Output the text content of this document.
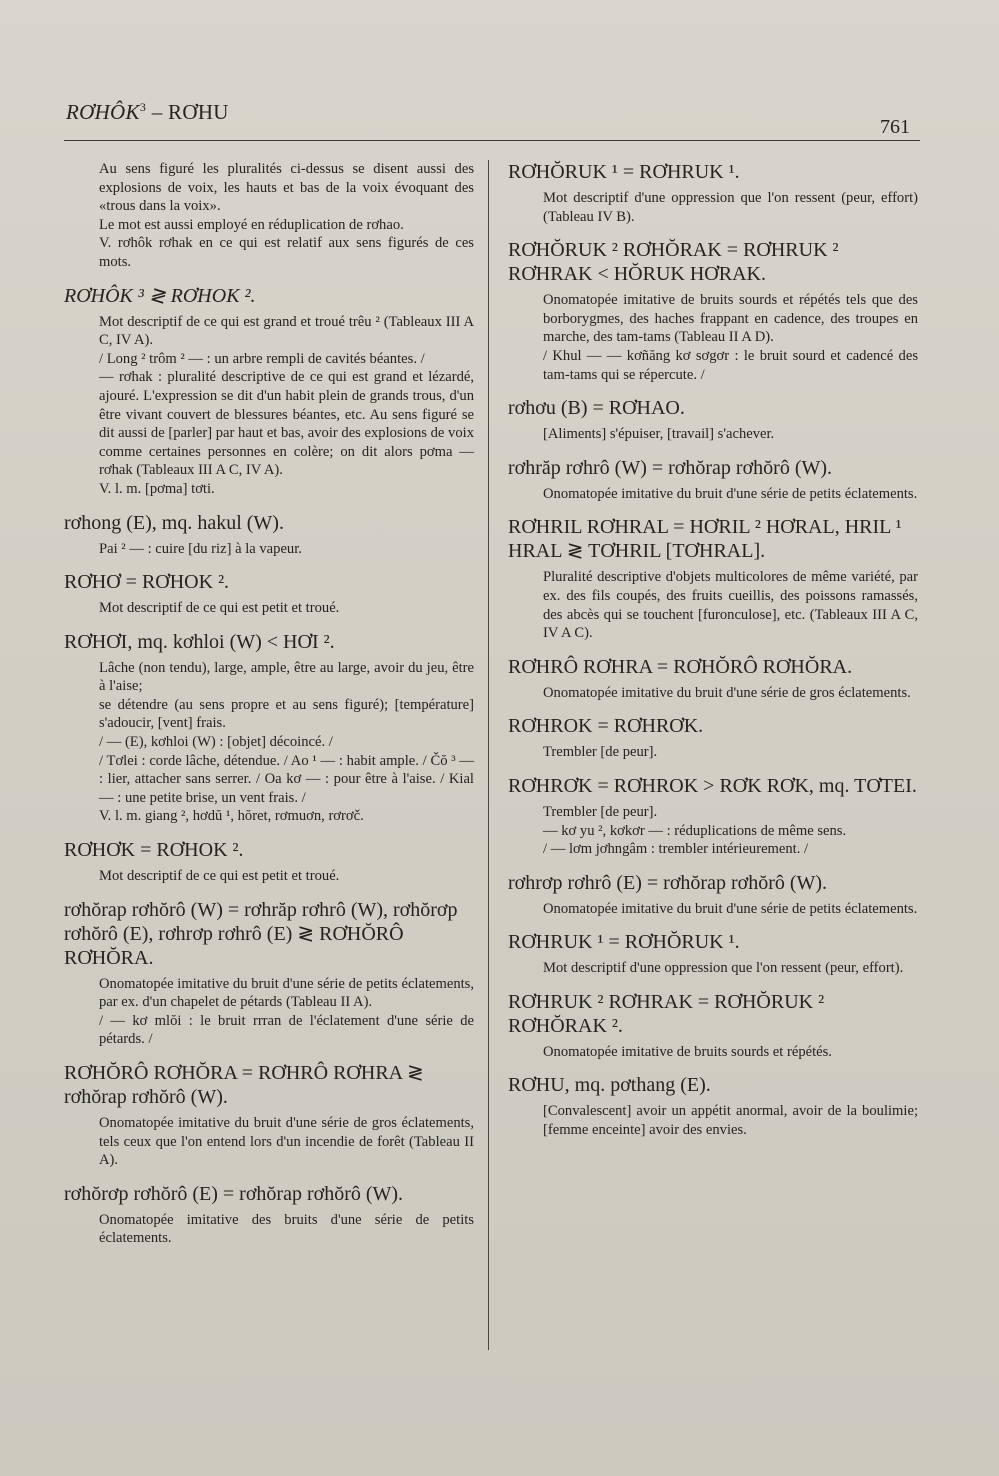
RƠHÔK$^3$ – RƠHU
761

Au sens figuré les pluralités ci-dessus se disent aussi des explosions de voix, les hauts et bas de la voix évoquant des «trous dans la voix».

Le mot est aussi employé en réduplication de rơhao.

V. rơhôk rơhak en ce qui est relatif aux sens figurés de ces mots.

RƠHÔK ³ ≷ RƠHOK ².

Mot descriptif de ce qui est grand et troué trêu ² (Tableaux III A C, IV A).

/ Long ² trôm ² — : un arbre rempli de cavités béantes. /

— rơhak : pluralité descriptive de ce qui est grand et lézardé, ajouré. L'expression se dit d'un habit plein de grands trous, d'un être vivant couvert de blessures béantes, etc. Au sens figuré se dit aussi de [parler] par haut et bas, avoir des explosions de voix comme certaines personnes en colère; on dit alors pơma — rơhak (Tableaux III A C, IV A).

V. l. m. [pơma] tơti.

rơhong (E), mq. hakul (W).

Pai ² — : cuire [du riz] à la vapeur.

RƠHƠ = RƠHOK ².

Mot descriptif de ce qui est petit et troué.

RƠHƠI, mq. kơhloi (W) < HƠI ².

Lâche (non tendu), large, ample, être au large, avoir du jeu, être à l'aise;

se détendre (au sens propre et au sens figuré); [température] s'adoucir, [vent] frais.

/ — (E), kơhloi (W) : [objet] décoincé. /

/ Tơlei : corde lâche, détendue. / Ao ¹ — : habit ample. / Čŏ ³ — : lier, attacher sans serrer. / Oa kơ — : pour être à l'aise. / Kial — : une petite brise, un vent frais. /

V. l. m. giang ², hơdŭ ¹, hŏret, rơmuơn, rơrơč.

RƠHƠK = RƠHOK ².

Mot descriptif de ce qui est petit et troué.

rơhŏrap rơhŏrô (W) = rơhrăp rơhrô (W), rơhŏrơp rơhŏrô (E), rơhrơp rơhrô (E) ≷ RƠHŎRÔ RƠHŎRA.

Onomatopée imitative du bruit d'une série de petits éclatements, par ex. d'un chapelet de pétards (Tableau II A).

/ — kơ mlŏi : le bruit rrran de l'éclatement d'une série de pétards. /

RƠHŎRÔ RƠHŎRA = RƠHRÔ RƠHRA ≷ rơhŏrap rơhŏrô (W).

Onomatopée imitative du bruit d'une série de gros éclatements, tels ceux que l'on entend lors d'un incendie de forêt (Tableau II A).

rơhŏrơp rơhŏrô (E) = rơhŏrap rơhŏrô (W).

Onomatopée imitative des bruits d'une série de petits éclatements.

RƠHŎRUK ¹ = RƠHRUK ¹.

Mot descriptif d'une oppression que l'on ressent (peur, effort) (Tableau IV B).

RƠHŎRUK ² RƠHŎRAK = RƠHRUK ² RƠHRAK < HŎRUK HƠRAK.

Onomatopée imitative de bruits sourds et répétés tels que des borborygmes, des haches frappant en cadence, des troupes en marche, des tam-tams (Tableau II A D).

/ Khul — — kơñăng kơ sơgơr : le bruit sourd et cadencé des tam-tams qui se répercute. /

rơhơu (B) = RƠHAO.

[Aliments] s'épuiser, [travail] s'achever.

rơhrăp rơhrô (W) = rơhŏrap rơhŏrô (W).

Onomatopée imitative du bruit d'une série de petits éclatements.

RƠHRIL RƠHRAL = HƠRIL ² HƠRAL, HRIL ¹ HRAL ≷ TƠHRIL [TƠHRAL].

Pluralité descriptive d'objets multicolores de même variété, par ex. des fils coupés, des fruits cueillis, des poissons ramassés, des abcès qui se touchent [furonculose], etc. (Tableaux III A C, IV A C).

RƠHRÔ RƠHRA = RƠHŎRÔ RƠHŎRA.

Onomatopée imitative du bruit d'une série de gros éclatements.

RƠHROK = RƠHRƠK.

Trembler [de peur].

RƠHRƠK = RƠHROK > RƠK RƠK, mq. TƠTEI.

Trembler [de peur].

— kơ yu ², kơkơr — : réduplications de même sens.

/ — lơm jơhngâm : trembler intérieurement. /

rơhrơp rơhrô (E) = rơhŏrap rơhŏrô (W).

Onomatopée imitative du bruit d'une série de petits éclatements.

RƠHRUK ¹ = RƠHŎRUK ¹.

Mot descriptif d'une oppression que l'on ressent (peur, effort).

RƠHRUK ² RƠHRAK = RƠHŎRUK ² RƠHŎRAK ².

Onomatopée imitative de bruits sourds et répétés.

RƠHU, mq. pơthang (E).

[Convalescent] avoir un appétit anormal, avoir de la boulimie; [femme enceinte] avoir des envies.
